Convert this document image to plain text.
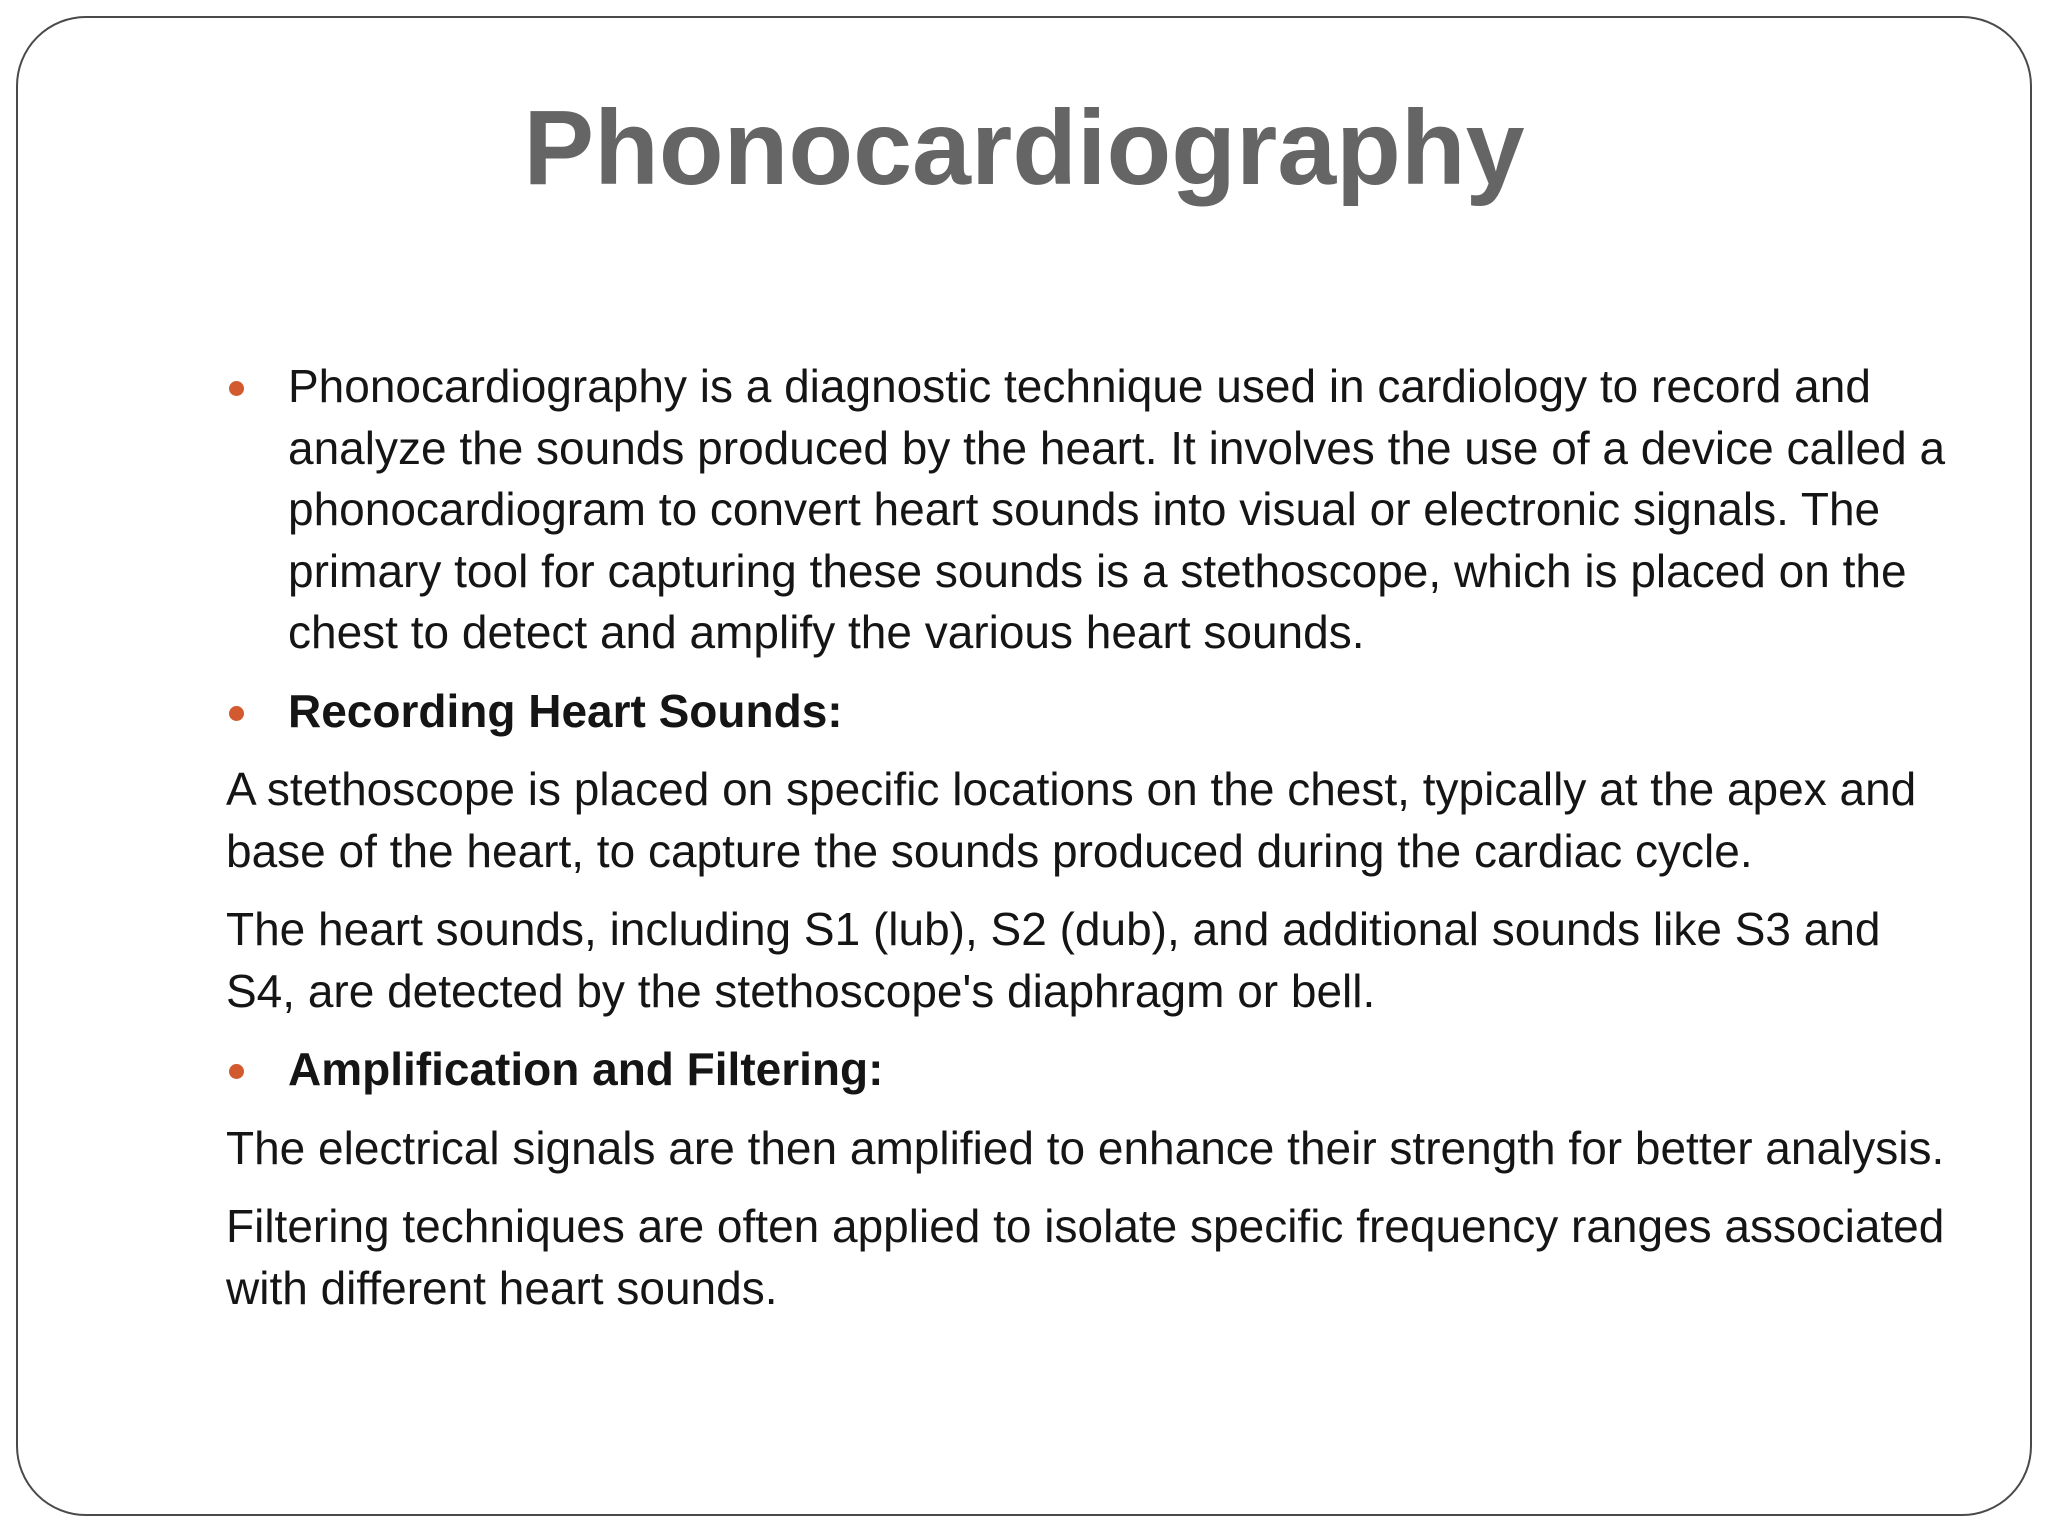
Phonocardiography
Phonocardiography is a diagnostic technique used in cardiology to record and analyze the sounds produced by the heart. It involves the use of a device called a phonocardiogram to convert heart sounds into visual or electronic signals. The primary tool for capturing these sounds is a stethoscope, which is placed on the chest to detect and amplify the various heart sounds.
Recording Heart Sounds:

A stethoscope is placed on specific locations on the chest, typically at the apex and base of the heart, to capture the sounds produced during the cardiac cycle.

The heart sounds, including S1 (lub), S2 (dub), and additional sounds like S3 and S4, are detected by the stethoscope's diaphragm or bell.

Amplification and Filtering:

The electrical signals are then amplified to enhance their strength for better analysis.

Filtering techniques are often applied to isolate specific frequency ranges associated with different heart sounds.
